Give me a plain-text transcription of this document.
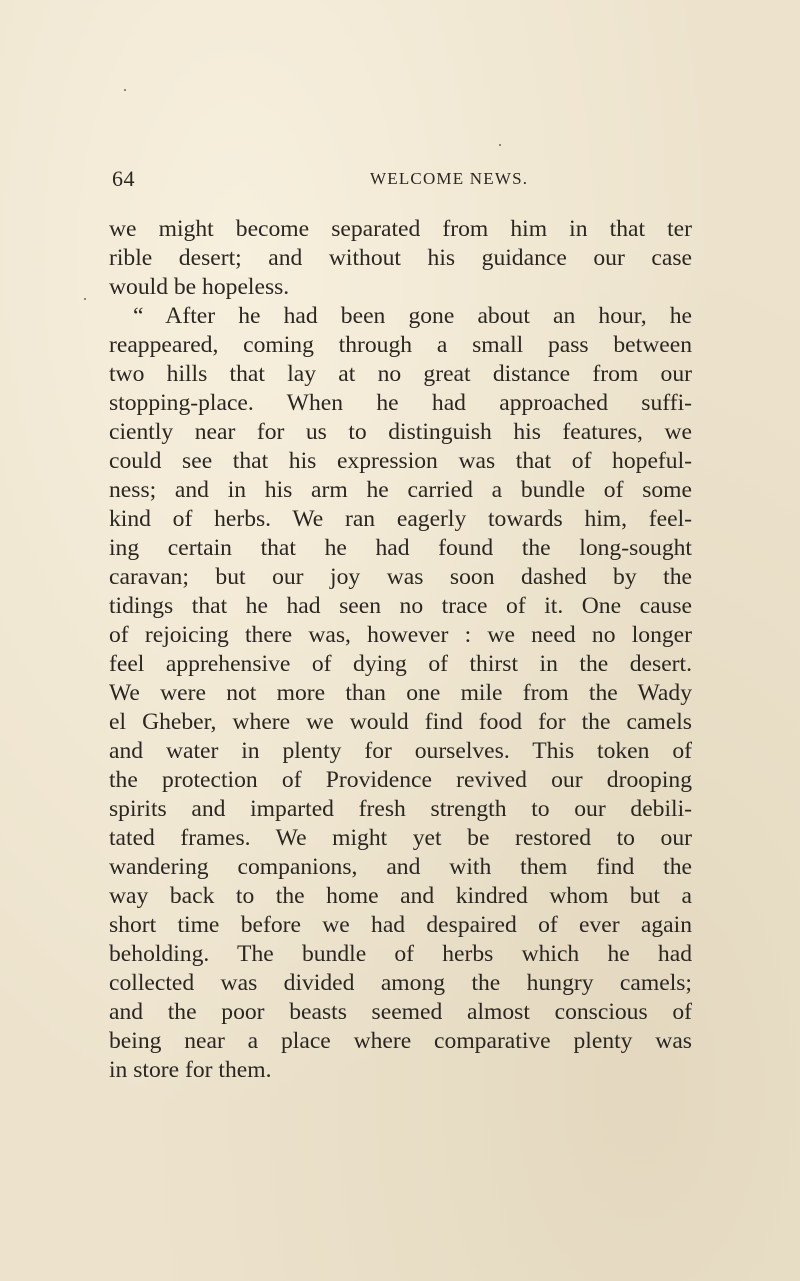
64	WELCOME NEWS.
we might become separated from him in that ter
rible desert; and without his guidance our case
would be hopeless.
“ After he had been gone about an hour, he
reappeared, coming through a small pass between
two hills that lay at no great distance from our
stopping-place. When he had approached suffi-
ciently near for us to distinguish his features, we
could see that his expression was that of hopeful-
ness; and in his arm he carried a bundle of some
kind of herbs. We ran eagerly towards him, feel-
ing certain that he had found the long-sought
caravan; but our joy was soon dashed by the
tidings that he had seen no trace of it. One cause
of rejoicing there was, however : we need no longer
feel apprehensive of dying of thirst in the desert.
We were not more than one mile from the Wady
el Gheber, where we would find food for the camels
and water in plenty for ourselves. This token of
the protection of Providence revived our drooping
spirits and imparted fresh strength to our debili-
tated frames. We might yet be restored to our
wandering companions, and with them find the
way back to the home and kindred whom but a
short time before we had despaired of ever again
beholding. The bundle of herbs which he had
collected was divided among the hungry camels;
and the poor beasts seemed almost conscious of
being near a place where comparative plenty was
in store for them.
